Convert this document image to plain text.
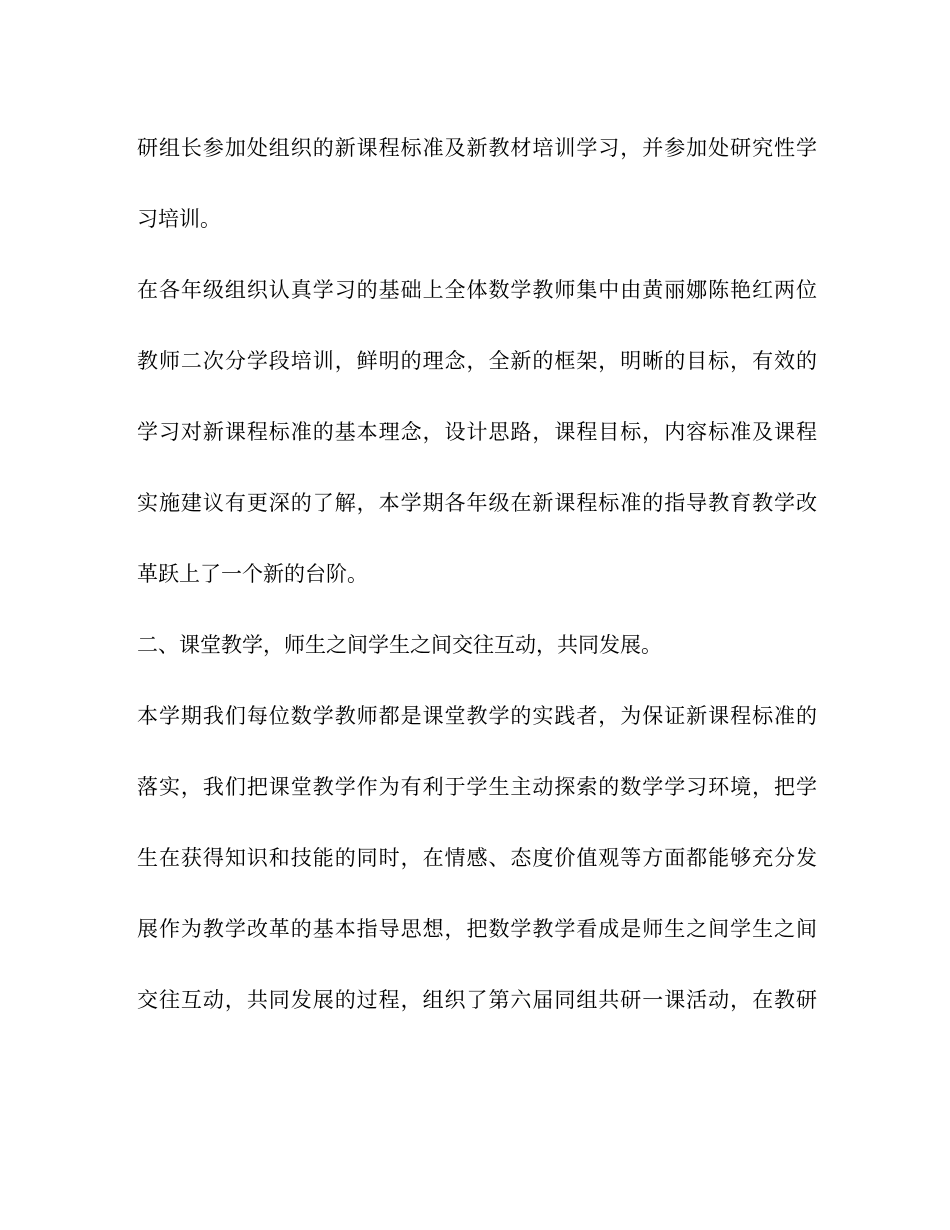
研组长参加处组织的新课程标准及新教材培训学习，并参加处研究性学
习培训。
在各年级组织认真学习的基础上全体数学教师集中由黄丽娜陈艳红两位
教师二次分学段培训，鲜明的理念，全新的框架，明晰的目标，有效的
学习对新课程标准的基本理念，设计思路，课程目标，内容标准及课程
实施建议有更深的了解，本学期各年级在新课程标准的指导教育教学改
革跃上了一个新的台阶。
二、课堂教学，师生之间学生之间交往互动，共同发展。
本学期我们每位数学教师都是课堂教学的实践者，为保证新课程标准的
落实，我们把课堂教学作为有利于学生主动探索的数学学习环境，把学
生在获得知识和技能的同时，在情感、态度价值观等方面都能够充分发
展作为教学改革的基本指导思想，把数学教学看成是师生之间学生之间
交往互动，共同发展的过程，组织了第六届同组共研一课活动，在教研
